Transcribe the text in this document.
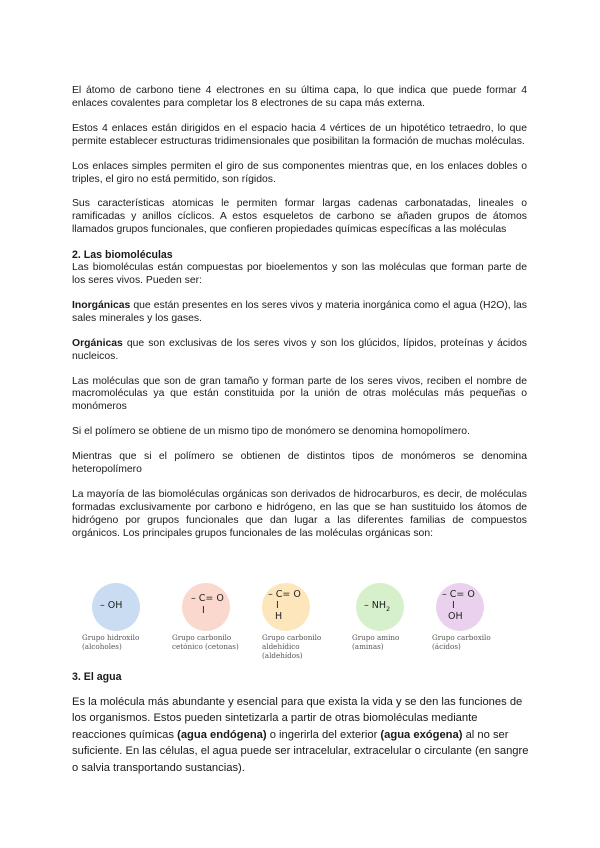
El átomo de carbono tiene 4 electrones en su última capa, lo que indica que puede formar 4 enlaces covalentes para completar los 8 electrones de su capa más externa.

Estos 4 enlaces están dirigidos en el espacio hacia 4 vértices de un hipotético tetraedro, lo que permite establecer estructuras tridimensionales que posibilitan la formación de muchas moléculas.

Los enlaces simples permiten el giro de sus componentes mientras que, en los enlaces dobles o triples, el giro no está permitido, son rígidos.

Sus características atomicas le permiten formar largas cadenas carbonatadas, lineales o ramificadas y anillos cíclicos. A estos esqueletos de carbono se añaden grupos de átomos llamados grupos funcionales, que confieren propiedades químicas específicas a las moléculas

2. Las biomoléculas

Las biomoléculas están compuestas por bioelementos y son las moléculas que forman parte de los seres vivos. Pueden ser:

Inorgánicas que están presentes en los seres vivos y materia inorgánica como el agua (H2O), las sales minerales y los gases.

Orgánicas que son exclusivas de los seres vivos y son los glúcidos, lípidos, proteínas y ácidos nucleicos.

Las moléculas que son de gran tamaño y forman parte de los seres vivos, reciben el nombre de macromoléculas ya que están constituida por la unión de otras moléculas más pequeñas o monómeros

Si el polímero se obtiene de un mismo tipo de monómero se denomina homopolímero.

Mientras que si el polímero se obtienen de distintos tipos de monómeros se denomina heteropolímero

La mayoría de las biomoléculas orgánicas son derivados de hidrocarburos, es decir, de moléculas formadas exclusivamente por carbono e hidrógeno, en las que se han sustituido los átomos de hidrógeno por grupos funcionales que dan lugar a las diferentes familias de compuestos orgánicos. Los principales grupos funcionales de las moléculas orgánicas son:

– OH
Grupo hidroxilo
(alcoholes)
– C= O
I
Grupo carbonilo
cetónico (cetonas)
– C= O
I
H
Grupo carbonilo
aldehídico (aldehídos)
– $NH_2$
Grupo amino
(aminas)
– C= O
I
OH
Grupo carboxilo
(ácidos)
3. El agua

Es la molécula más abundante y esencial para que exista la vida y se den las funciones de los organismos. Estos pueden sintetizarla a partir de otras biomoléculas mediante reacciones químicas (agua endógena) o ingerirla del exterior (agua exógena) al no ser suficiente. En las células, el agua puede ser intracelular, extracelular o circulante (en sangre o salvia transportando sustancias).
